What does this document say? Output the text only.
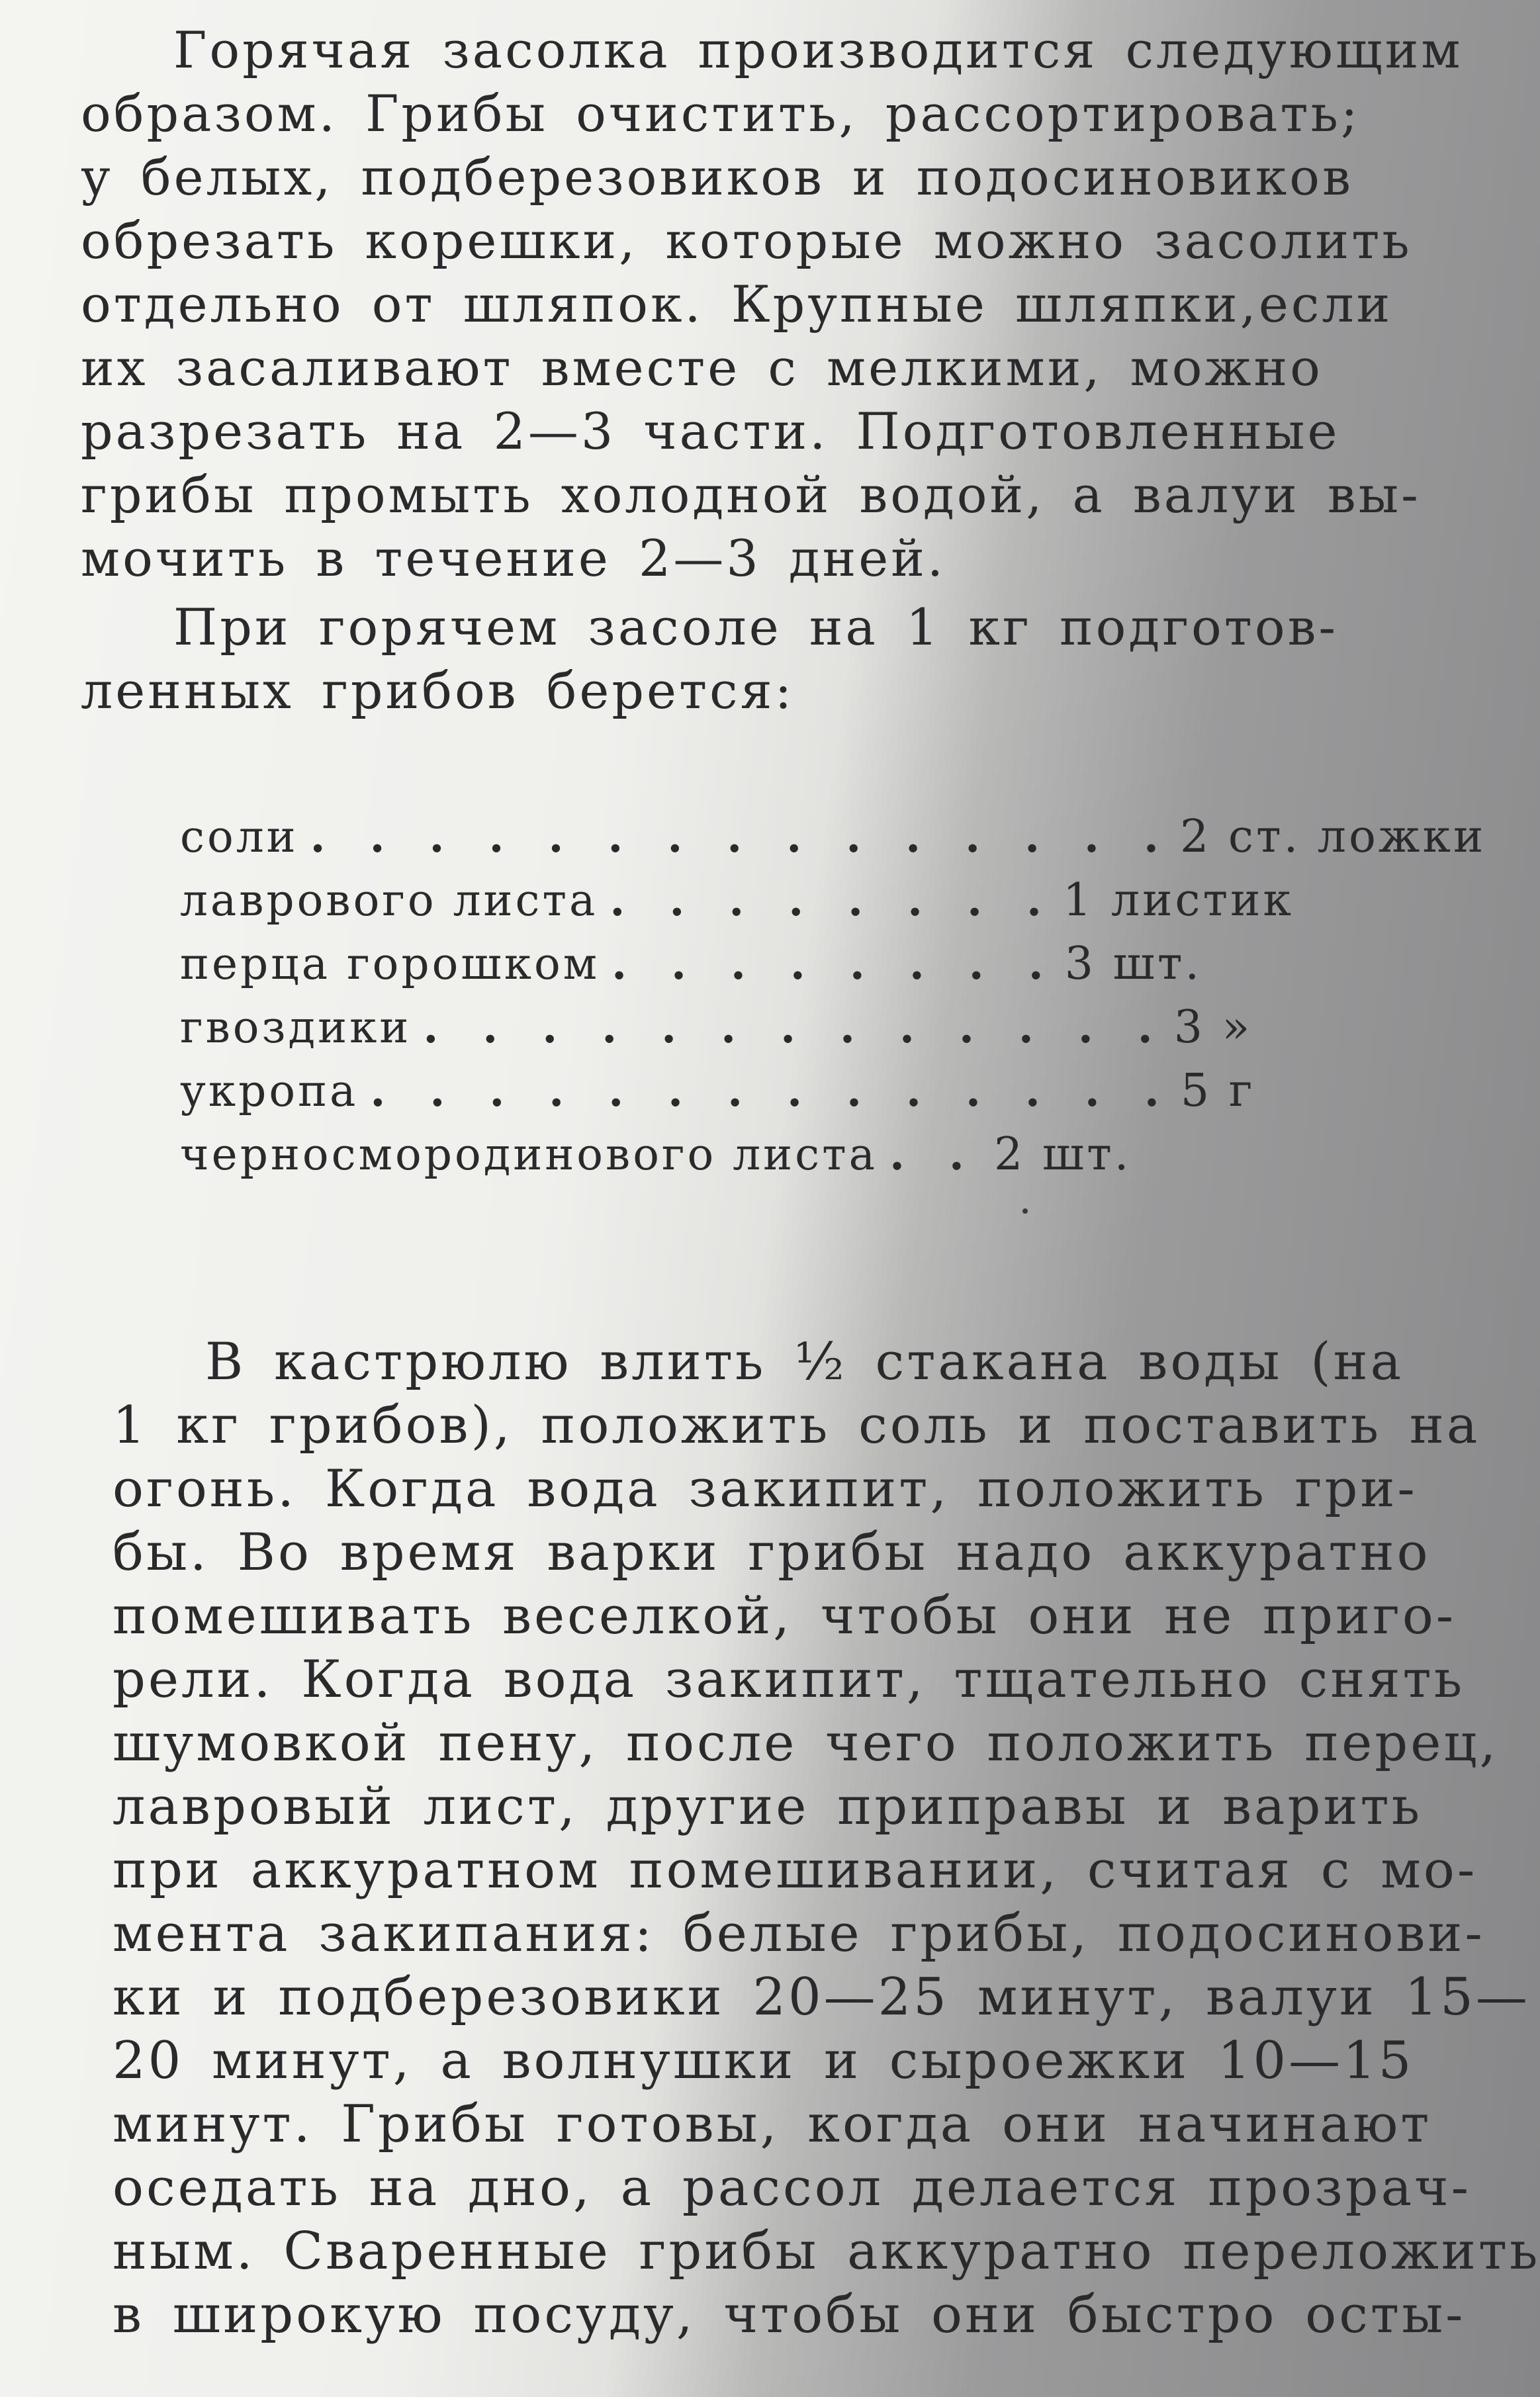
Горячая засолка производится следующим
образом. Грибы очистить, рассортировать;
у белых, подберезовиков и подосиновиков
обрезать корешки, которые можно засолить
отдельно от шляпок. Крупные шляпки,если
их засаливают вместе с мелкими, можно
разрезать на 2—3 части. Подготовленные
грибы промыть холодной водой, а валуи вы-
мочить в течение 2—3 дней.

При горячем засоле на 1 кг подготов-
ленных грибов берется:

соли . . . . . . . . . . . . . . . 2 ст. ложки
лаврового листа . . . . . . . . 1 листик
перца горошком . . . . . . . . 3 шт.
гвоздики . . . . . . . . . . . . . 3 »
укропа . . . . . . . . . . . . . . 5 г
черносмородинового листа . . 2 шт.

В кастрюлю влить ½ стакана воды (на
1 кг грибов), положить соль и поставить на
огонь. Когда вода закипит, положить гри-
бы. Во время варки грибы надо аккуратно
помешивать веселкой, чтобы они не приго-
рели. Когда вода закипит, тщательно снять
шумовкой пену, после чего положить перец,
лавровый лист, другие приправы и варить
при аккуратном помешивании, считая с мо-
мента закипания: белые грибы, подосинови-
ки и подберезовики 20—25 минут, валуи 15—
20 минут, а волнушки и сыроежки 10—15
минут. Грибы готовы, когда они начинают
оседать на дно, а рассол делается прозрач-
ным. Сваренные грибы аккуратно переложить
в широкую посуду, чтобы они быстро осты-
